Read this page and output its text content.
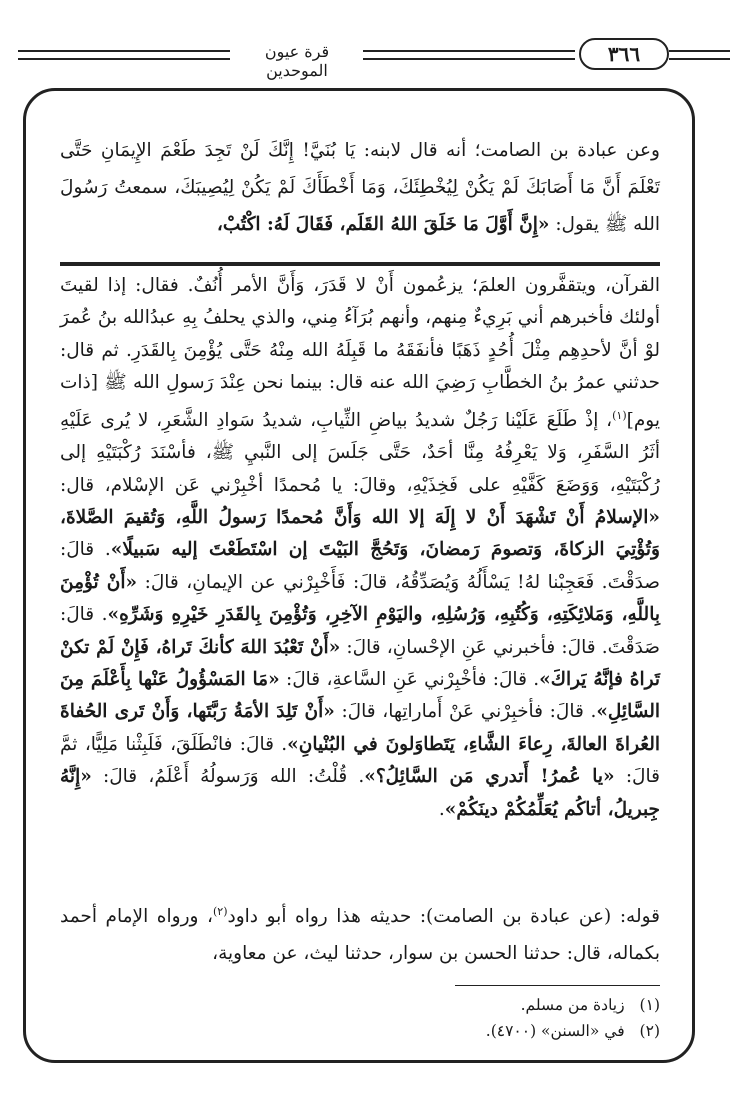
قرة عيون الموحدين
٣٦٦
وعن عبادة بن الصامت؛ أنه قال لابنه: يَا بُنَيَّ! إِنَّكَ لَنْ تَجِدَ طَعْمَ الإِيمَانِ حَتَّى تَعْلَمَ أَنَّ مَا أَصَابَكَ لَمْ يَكُنْ لِيُخْطِئَكَ، وَمَا أَخْطَأَكَ لَمْ يَكُنْ لِيُصِيبَكَ، سمعتُ رَسُولَ الله ﷺ يقول: «إِنَّ أَوَّلَ مَا خَلَقَ اللهُ القَلَم، فَقَالَ لَهُ: اكْتُبْ،
القرآن، ويتقفَّرون العلمَ؛ يزعُمون أَنْ لا قَدَرَ، وَأَنَّ الأمر أُنُفٌ. فقال: إذا لقيتَ أولئك فأخبرهم أني بَرِيءٌ مِنهم، وأنهم بُرَآءُ مِني، والذي يحلفُ بِهِ عبدُالله بنُ عُمرَ لوْ أنَّ لأحدِهِم مِثْلَ أُحُدٍ ذَهَبًا فأنفَقَهُ ما قَبِلَهُ الله مِنْهُ حَتَّى يُؤْمِنَ بِالقَدَرِ. ثم قال: حدثني عمرُ بنُ الخطَّابِ رَضِيَ الله عنه قال: بينما نحن عِنْدَ رَسولِ الله ﷺ [ذات يوم]$^{(١)}$، إذْ طَلَعَ عَلَيْنا رَجُلٌ شديدُ بياضِ الثِّيابِ، شديدُ سَوادِ الشَّعَرِ، لا يُرى عَلَيْهِ أثَرُ السَّفَرِ، وَلا يَعْرِفُهُ مِنَّا أحَدٌ، حَتَّى جَلَسَ إلى النَّبيِ ﷺ، فأسْنَدَ رُكْبَتَيْهِ إلى رُكْبَتَيْهِ، وَوَضَعَ كَفَّيْهِ على فَخِذَيْهِ، وقالَ: يا مُحمدًا أخْبِرْني عَن الإسْلام، قال: «الإسلامُ أَنْ تَشْهَدَ أَنْ لا إِلَهَ إلا الله وَأَنَّ مُحمدًا رَسولُ اللَّهِ، وَتُقيمَ الصَّلاةَ، وَتُؤْتِيَ الزكاةَ، وَتصومَ رَمضانَ، وَتَحُجَّ البَيْتَ إن اسْتَطَعْتَ إليه سَبيلًا». قالَ: صدَقْتَ. فَعَجِبْنا لهُ! يَسْأَلُهُ وَيُصَدِّقُهُ، قالَ: فَأَخْبِرْني عن الإيمانِ، قالَ: «أَنْ تُؤْمِنَ بِاللَّهِ، وَمَلائِكَتِهِ، وَكُتُبِهِ، وَرُسُلِهِ، واليَوْمِ الآخِرِ، وَتُؤْمِنَ بِالقَدَرِ خَيْرِهِ وَشَرِّهِ». قالَ: صَدَقْتَ. قالَ: فأخبرني عَنِ الإحْسانِ، قالَ: «أَنْ تَعْبُدَ اللهَ كأنكَ تَراهُ، فَإِنْ لَمْ تكنْ تَراهُ فإنَّهُ يَراكَ». قالَ: فأخْبِرْني عَنِ السَّاعةِ، قالَ: «مَا المَسْؤُولُ عَنْها بِأَعْلَمَ مِنَ السَّائِلِ». قالَ: فأخبِرْني عَنْ أَماراتِها، قالَ: «أَنْ تَلِدَ الأمَةُ رَبَّتَها، وَأَنْ تَرى الحُفاةَ العُراةَ العالةَ، رِعاءَ الشَّاءِ، يَتَطاوَلونَ في البُنْيانِ». قالَ: فانْطَلَقَ، فَلَبِثْنا مَلِيًّا، ثمَّ قالَ: «يا عُمرُ! أَتدري مَن السَّائِلُ؟». قُلْتُ: الله وَرَسولُهُ أَعْلَمُ، قالَ: «إِنَّهُ جِبريلُ، أتاكُم يُعَلِّمُكُمْ دينَكُمْ».
قوله: (عن عبادة بن الصامت): حديثه هذا رواه أبو داود$^{(٢)}$، ورواه الإمام أحمد بكماله، قال: حدثنا الحسن بن سوار، حدثنا ليث، عن معاوية،
(١) زيادة من مسلم.
(٢) في «السنن» (٤٧٠٠).
